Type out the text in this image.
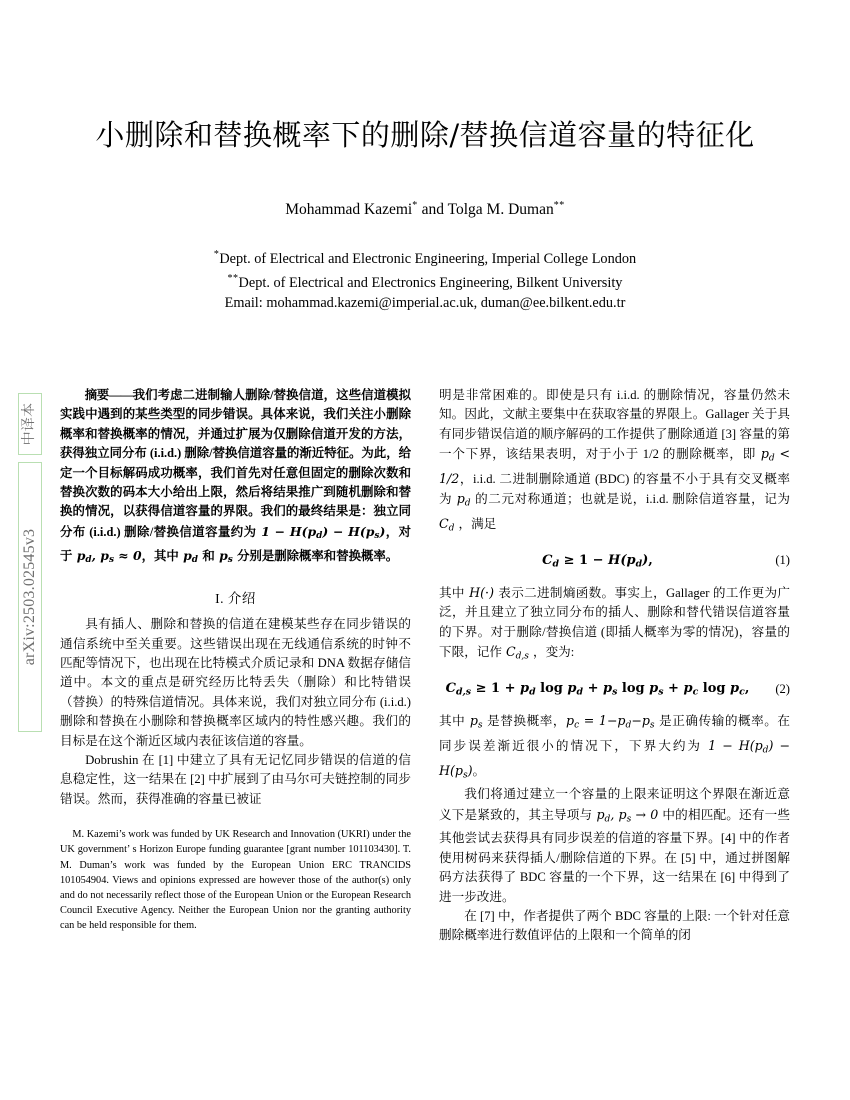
中译本
arXiv:2503.02545v3
小删除和替换概率下的删除/替换信道容量的特征化
Mohammad Kazemi* and Tolga M. Duman**
*Dept. of Electrical and Electronic Engineering, Imperial College London
**Dept. of Electrical and Electronics Engineering, Bilkent University
Email: mohammad.kazemi@imperial.ac.uk, duman@ee.bilkent.edu.tr

摘要——我们考虑二进制输人删除/替换信道，这些信道模拟实践中遇到的某些类型的同步错误。具体来说，我们关注小删除概率和替换概率的情况，并通过扩展为仅删除信道开发的方法，获得独立同分布 (i.i.d.) 删除/替换信道容量的渐近特征。为此，给定一个目标解码成功概率，我们首先对任意但固定的删除次数和替换次数的码本大小给出上限，然后将结果推广到随机删除和替换的情况，以获得信道容量的界限。我们的最终结果是：独立同分布 (i.i.d.) 删除/替换信道容量约为 $1 - H(p_d) - H(p_s)$，对于 $p_d$, $p_s \approx 0$，其中 $p_d$ 和 $p_s$ 分别是删除概率和替换概率。

I. 介绍

具有插人、删除和替换的信道在建模某些存在同步错误的通信系统中至关重要。这些错误出现在无线通信系统的时钟不匹配等情况下，也出现在比特模式介质记录和 DNA 数据存储信道中。本文的重点是研究经历比特丢失（删除）和比特错误（替换）的特殊信道情况。具体来说，我们对独立同分布 (i.i.d.) 删除和替换在小删除和替换概率区域内的特性感兴趣。我们的目标是在这个渐近区域内表征该信道的容量。

Dobrushin 在 [1] 中建立了具有无记忆同步错误的信道的信息稳定性，这一结果在 [2] 中扩展到了由马尔可夫链控制的同步错误。然而，获得准确的容量已被证

M. Kazemi’s work was funded by UK Research and Innovation (UKRI) under the UK government’ s Horizon Europe funding guarantee [grant number 101103430]. T. M. Duman’s work was funded by the European Union ERC TRANCIDS 101054904. Views and opinions expressed are however those of the author(s) only and do not necessarily reflect those of the European Union or the European Research Council Executive Agency. Neither the European Union nor the granting authority can be held responsible for them.

明是非常困难的。即使是只有 i.i.d. 的删除情况，容量仍然未知。因此，文献主要集中在获取容量的界限上。Gallager 关于具有同步错误信道的顺序解码的工作提供了删除通道 [3] 容量的第一个下界，该结果表明，对于小于 1/2 的删除概率，即 $p_d < 1/2$，i.i.d. 二进制删除通道 (BDC) 的容量不小于具有交叉概率为 $p_d$ 的二元对称通道；也就是说，i.i.d. 删除信道容量，记为 $C_d$ ，满足

$C_d \ge 1 - H(p_d)$,	(1)

其中 H(·) 表示二进制熵函数。事实上，Gallager 的工作更为广泛，并且建立了独立同分布的插人、删除和替代错误信道容量的下界。对于删除/替换信道 (即插人概率为零的情况)，容量的下限，记作 $C_{d,s}$ ，变为:

$C_{d,s} \ge 1 + p_d$ $\log p_d + p_s$ $\log p_s + p_c$ $\log p_c$,	(2)

其中 $p_s$ 是替换概率，$p_c = 1-p_d-p_s$ 是正确传输的概率。在同步误差渐近很小的情况下，下界大约为 $1 - H(p_d) - H(p_s)$。

我们将通过建立一个容量的上限来证明这个界限在渐近意义下是紧致的，其主导项与 $p_d$, $p_s \to 0$ 中的相匹配。还有一些其他尝试去获得具有同步误差的信道的容量下界。[4] 中的作者使用树码来获得插人/删除信道的下界。在 [5] 中，通过拼图解码方法获得了 BDC 容量的一个下界，这一结果在 [6] 中得到了进一步改进。

在 [7] 中，作者提供了两个 BDC 容量的上限: 一个针对任意删除概率进行数值评估的上限和一个简单的闭
